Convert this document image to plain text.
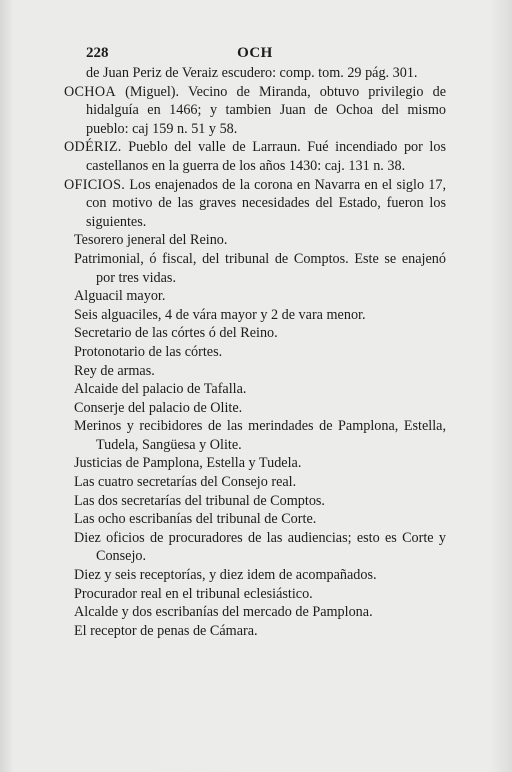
228	OCH

de Juan Periz de Veraiz escudero: comp. tom. 29 pág. 301.

OCHOA (Miguel). Vecino de Miranda, obtuvo privilegio de hidalguía en 1466; y tambien Juan de Ochoa del mismo pueblo: caj 159 n. 51 y 58.

ODÉRIZ. Pueblo del valle de Larraun. Fué incendiado por los castellanos en la guerra de los años 1430: caj. 131 n. 38.

OFICIOS. Los enajenados de la corona en Navarra en el siglo 17, con motivo de las graves necesidades del Estado, fueron los siguientes.

Tesorero jeneral del Reino.

Patrimonial, ó fiscal, del tribunal de Comptos. Este se enajenó por tres vidas.

Alguacil mayor.

Seis alguaciles, 4 de vára mayor y 2 de vara menor.

Secretario de las córtes ó del Reino.

Protonotario de las córtes.

Rey de armas.

Alcaide del palacio de Tafalla.

Conserje del palacio de Olite.

Merinos y recibidores de las merindades de Pamplona, Estella, Tudela, Sangüesa y Olite.

Justicias de Pamplona, Estella y Tudela.

Las cuatro secretarías del Consejo real.

Las dos secretarías del tribunal de Comptos.

Las ocho escribanías del tribunal de Corte.

Diez oficios de procuradores de las audiencias; esto es Corte y Consejo.

Diez y seis receptorías, y diez idem de acompañados.

Procurador real en el tribunal eclesiástico.

Alcalde y dos escribanías del mercado de Pamplona.

El receptor de penas de Cámara.
